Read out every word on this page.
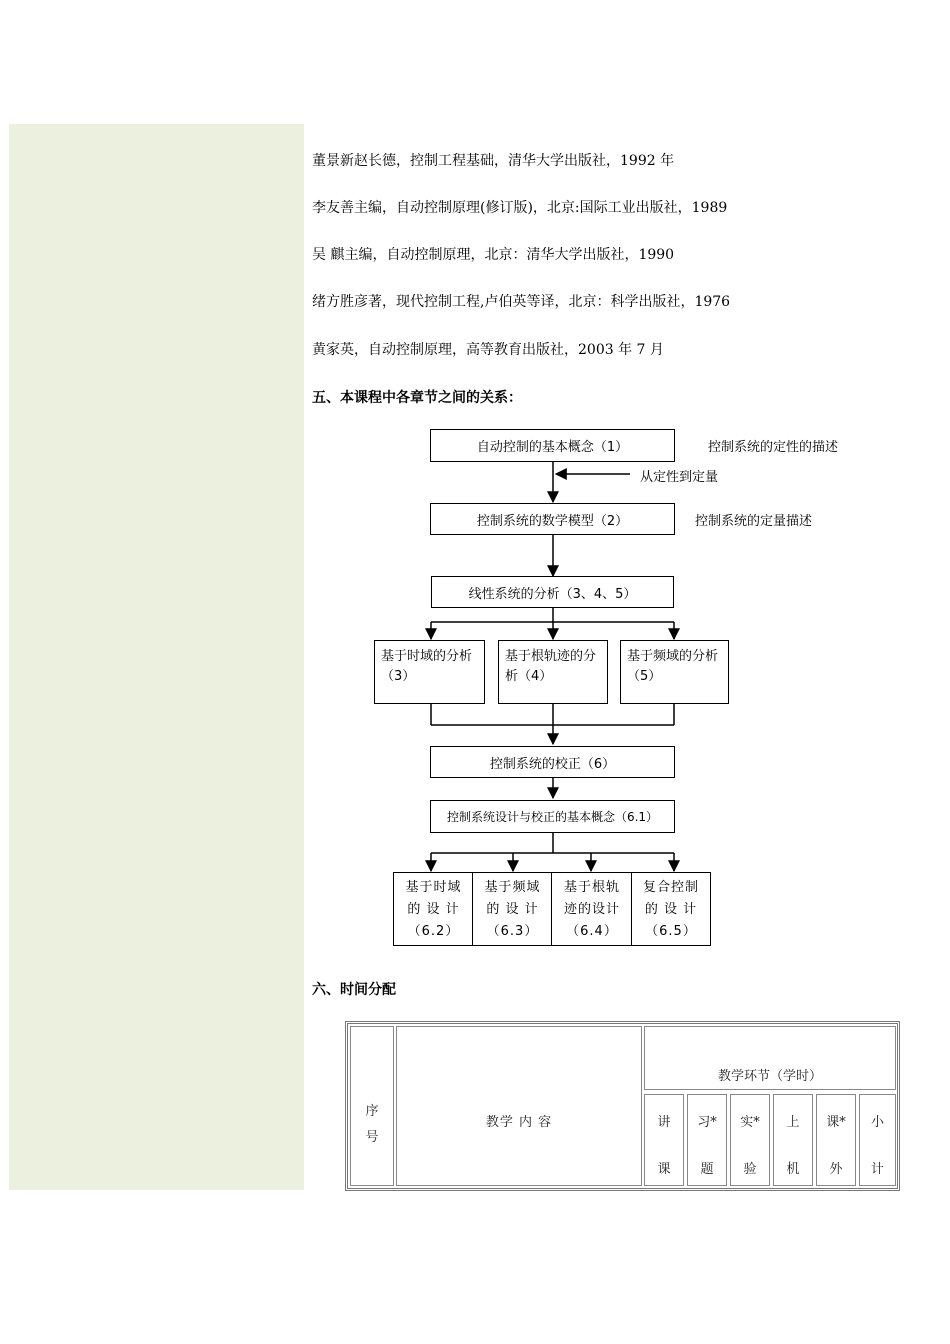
董景新赵长德，控制工程基础，清华大学出版社，1992 年
李友善主编，自动控制原理(修订版)，北京:国际工业出版社，1989
吴 麒主编，自动控制原理，北京：清华大学出版社，1990
绪方胜彦著，现代控制工程,卢伯英等译，北京：科学出版社，1976
黄家英，自动控制原理，高等教育出版社，2003 年 7 月
五、本课程中各章节之间的关系：
自动控制的基本概念（1）	控制系统的定性的描述
从定性到定量
控制系统的数学模型（2）	控制系统的定量描述
线性系统的分析（3、4、5）
基于时域的分析（3）
基于根轨迹的分析（4）
基于频域的分析（5）
控制系统的校正（6）
控制系统设计与校正的基本概念（6.1）
基于时域
的 设 计
（6.2）
基于频域
的 设 计
（6.3）
基于根轨
迹的设计
（6.4）
复合控制
的 设 计
（6.5）
六、时间分配
序
号
教学 内 容
教学环节（学时）
讲
课
习*
题
实*
验
上
机
课*
外
小
计
